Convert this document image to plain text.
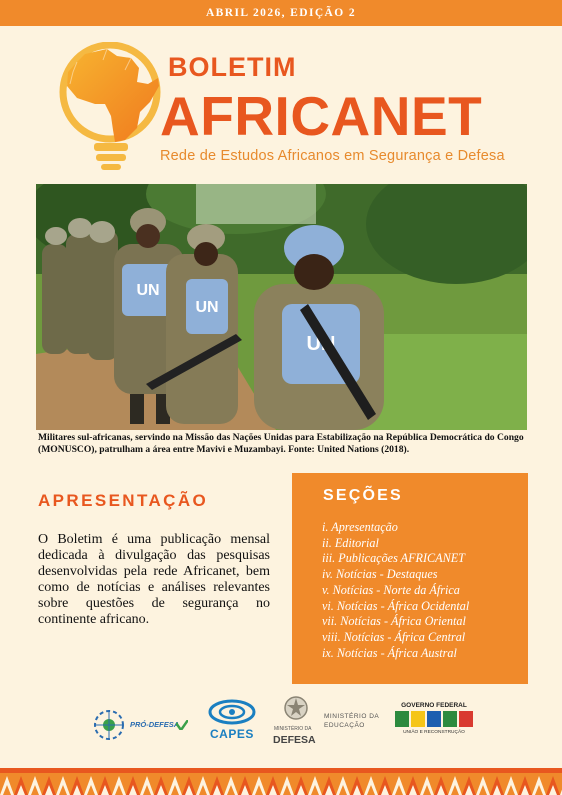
ABRIL 2026, EDIÇÃO 2
BOLETIM
AFRICANET
Rede de Estudos Africanos em Segurança e Defesa
UN
UN
UN
Militares sul-africanas, servindo na Missão das Nações Unidas para Estabilização na República Democrática do Congo (MONUSCO), patrulham a área entre Mavivi e Muzambayi. Fonte: United Nations (2018).
APRESENTAÇÃO
O Boletim é uma publicação mensal dedicada à divulgação das pesquisas desenvolvidas pela rede Africanet, bem como de notícias e análises relevantes sobre questões de segurança no continente africano.
SEÇÕES
i. Apresentação
ii. Editorial
iii. Publicações AFRICANET
iv. Notícias - Destaques
v. Notícias - Norte da África
vi. Notícias - África Ocidental
vii. Notícias - África Oriental
viii. Notícias - África Central
ix. Notícias - África Austral
PRÓ-DEFESA
CAPES	MINISTÉRIO DA
DEFESA
MINISTÉRIO DA
EDUCAÇÃO
GOVERNO FEDERAL
UNIÃO E RECONSTRUÇÃO
